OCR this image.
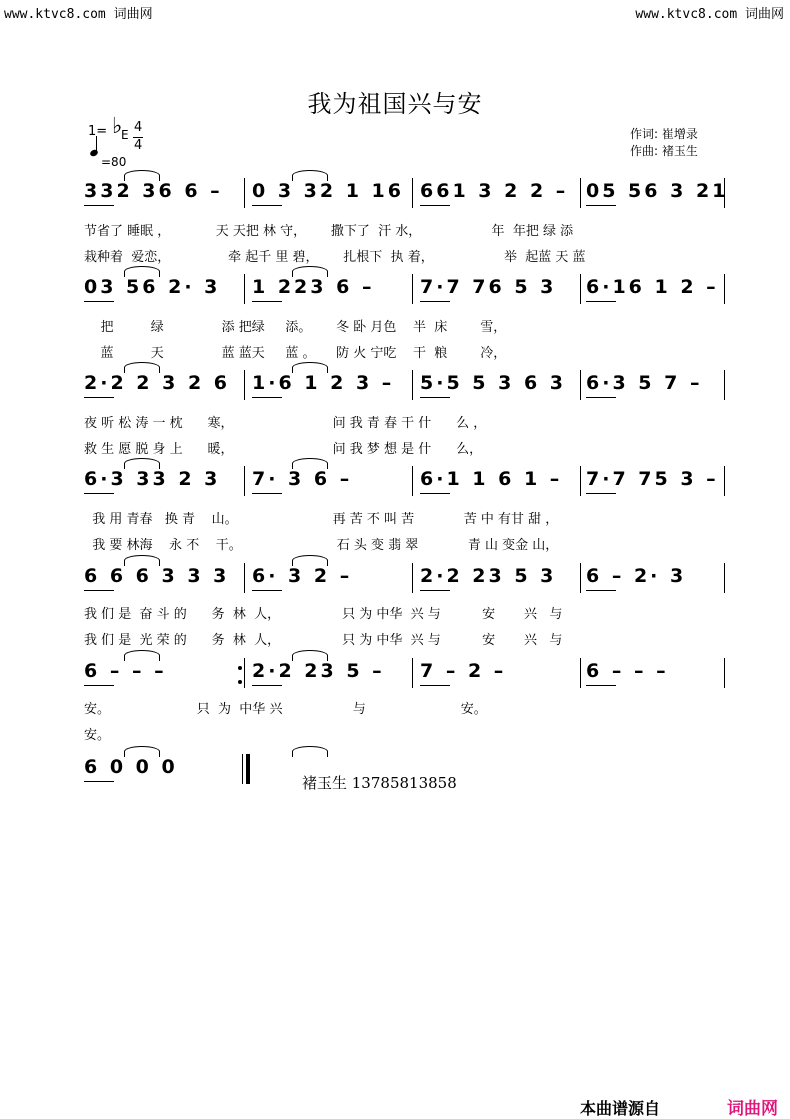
www.ktvc8.com 词曲网	www.ktvc8.com 词曲网
我为祖国兴与安
1= ♭
E 4
4
=80
作词: 崔增录
作曲: 褚玉生
332 36 6 – 0 3 32 1 16 661 3 2 2 – 05 56 3 21
节省了 睡眠 ，           天 天把 林 守，      撒下了  汗 水，                 年  年把 绿 添
栽种着  爱恋，              牵 起千 里 碧，      扎根下  执 着，                 举  起蓝 天 蓝
03 56 2· 3 1 223 6 – 7·7 76 5 3 6·16 1 2 –
把         绿              添 把绿     添。      冬 卧 月色    半  床        雪，
蓝         天              蓝 蓝天     蓝 。     防 火 宁吃    干  粮        冷，
2·2 2 3 2 6 1·6 1 2 3 – 5·5 5 3 6 3 6·3 5 7 –
夜 听 松 涛 一 枕      寒，                        问 我 青 春 干 什      么 ，
救 生 愿 脱 身 上      暖，                        问 我 梦 想 是 什      么，
6·3 33 2 3 7· 3 6 –	6·1 1 6 1 – 7·7 75 3 –
我 用 青春   换 青    山。                       再 苦 不 叫 苦            苦 中 有甘 甜 ，
我 要 林海    永 不    干。                       石 头 变 翡 翠            青 山 变金 山，
6 6 6 3 3 3 6· 3 2 –	2·2 23 5 3 6 – 2· 3
我 们 是  奋 斗 的      务  林  人，               只 为 中华  兴 与          安       兴   与
我 们 是  光 荣 的      务  林  人，               只 为 中华  兴 与          安       兴   与
6 – – –	2·2 23 5 – 7 – 2 –	6 – – –
安。                     只  为  中华 兴                 与                       安。
安。
6 0 0 0
褚玉生 13785813858
本曲谱源自	词曲网
